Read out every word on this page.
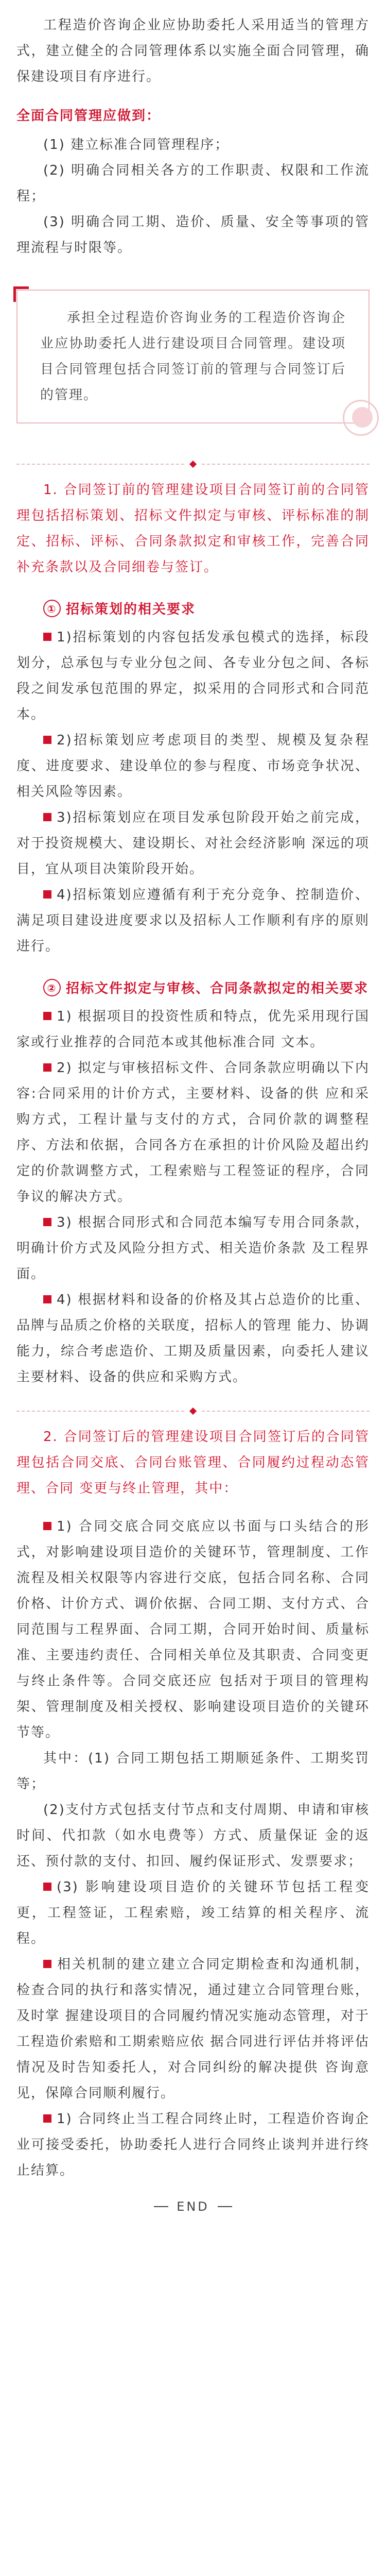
工程造价咨询企业应协助委托人采用适当的管理方式，建立健全的合同管理体系以实施全面合同管理，确保建设项目有序进行。

全面合同管理应做到：

(1) 建立标准合同管理程序；

(2) 明确合同相关各方的工作职责、权限和工作流程；

(3) 明确合同工期、造价、质量、安全等事项的管理流程与时限等。

承担全过程造价咨询业务的工程造价咨询企业应协助委托人进行建设项目合同管理。建设项目合同管理包括合同签订前的管理与合同签订后的管理。

1. 合同签订前的管理建设项目合同签订前的合同管理包括招标策划、招标文件拟定与审核、评标标准的制定、招标、评标、合同条款拟定和审核工作，完善合同补充条款以及合同细卷与签订。

① 招标策划的相关要求

1)招标策划的内容包括发承包模式的选择，标段划分，总承包与专业分包之间、各专业分包之间、各标段之间发承包范围的界定，拟采用的合同形式和合同范本。

2)招标策划应考虑项目的类型、规模及复杂程度、进度要求、建设单位的参与程度、市场竞争状况、相关风险等因素。

3)招标策划应在项目发承包阶段开始之前完成，对于投资规模大、建设期长、对社会经济影响 深远的项目，宜从项目决策阶段开始。

4)招标策划应遵循有利于充分竞争、控制造价、满足项目建设进度要求以及招标人工作顺利有序的原则进行。

② 招标文件拟定与审核、合同条款拟定的相关要求

1) 根据项目的投资性质和特点，优先采用现行国家或行业推荐的合同范本或其他标准合同 文本。

2) 拟定与审核招标文件、合同条款应明确以下内容:合同采用的计价方式，主要材料、设备的供 应和采购方式，工程计量与支付的方式，合同价款的调整程序、方法和依据，合同各方在承担的计价风险及超出约定的价款调整方式，工程索赔与工程签证的程序，合同争议的解决方式。

3) 根据合同形式和合同范本编写专用合同条款，明确计价方式及风险分担方式、相关造价条款 及工程界面。

4) 根据材料和设备的价格及其占总造价的比重、品牌与品质之价格的关联度，招标人的管理 能力、协调能力，综合考虑造价、工期及质量因素，向委托人建议主要材料、设备的供应和采购方式。

2. 合同签订后的管理建设项目合同签订后的合同管理包括合同交底、合同台账管理、合同履约过程动态管理、合同 变更与终止管理，其中：

1) 合同交底合同交底应以书面与口头结合的形式，对影响建设项目造价的关键环节，管理制度、工作 流程及相关权限等内容进行交底，包括合同名称、合同价格、计价方式、调价依据、合同工期、支付方式、合同范围与工程界面、合同工期，合同开始时间、质量标准、主要违约责任、合同相关单位及其职责、合同变更与终止条件等。合同交底还应 包括对于项目的管理构架、管理制度及相关授权、影响建设项目造价的关键环节等。

其中：(1) 合同工期包括工期顺延条件、工期奖罚等；

(2)支付方式包括支付节点和支付周期、申请和审核时间、代扣款（如水电费等）方式、质量保证 金的返还、预付款的支付、扣回、履约保证形式、发票要求；

(3) 影响建设项目造价的关键环节包括工程变更，工程签证，工程索赔，竣工结算的相关程序、流程。

相关机制的建立建立合同定期检查和沟通机制，检查合同的执行和落实情况，通过建立合同管理台账，及时掌 握建设项目的合同履约情况实施动态管理，对于工程造价索赔和工期索赔应依 据合同进行评估并将评估情况及时告知委托人，对合同纠纷的解决提供 咨询意见，保障合同顺利履行。

1) 合同终止当工程合同终止时，工程造价咨询企业可接受委托，协助委托人进行合同终止谈判并进行终止结算。

END
